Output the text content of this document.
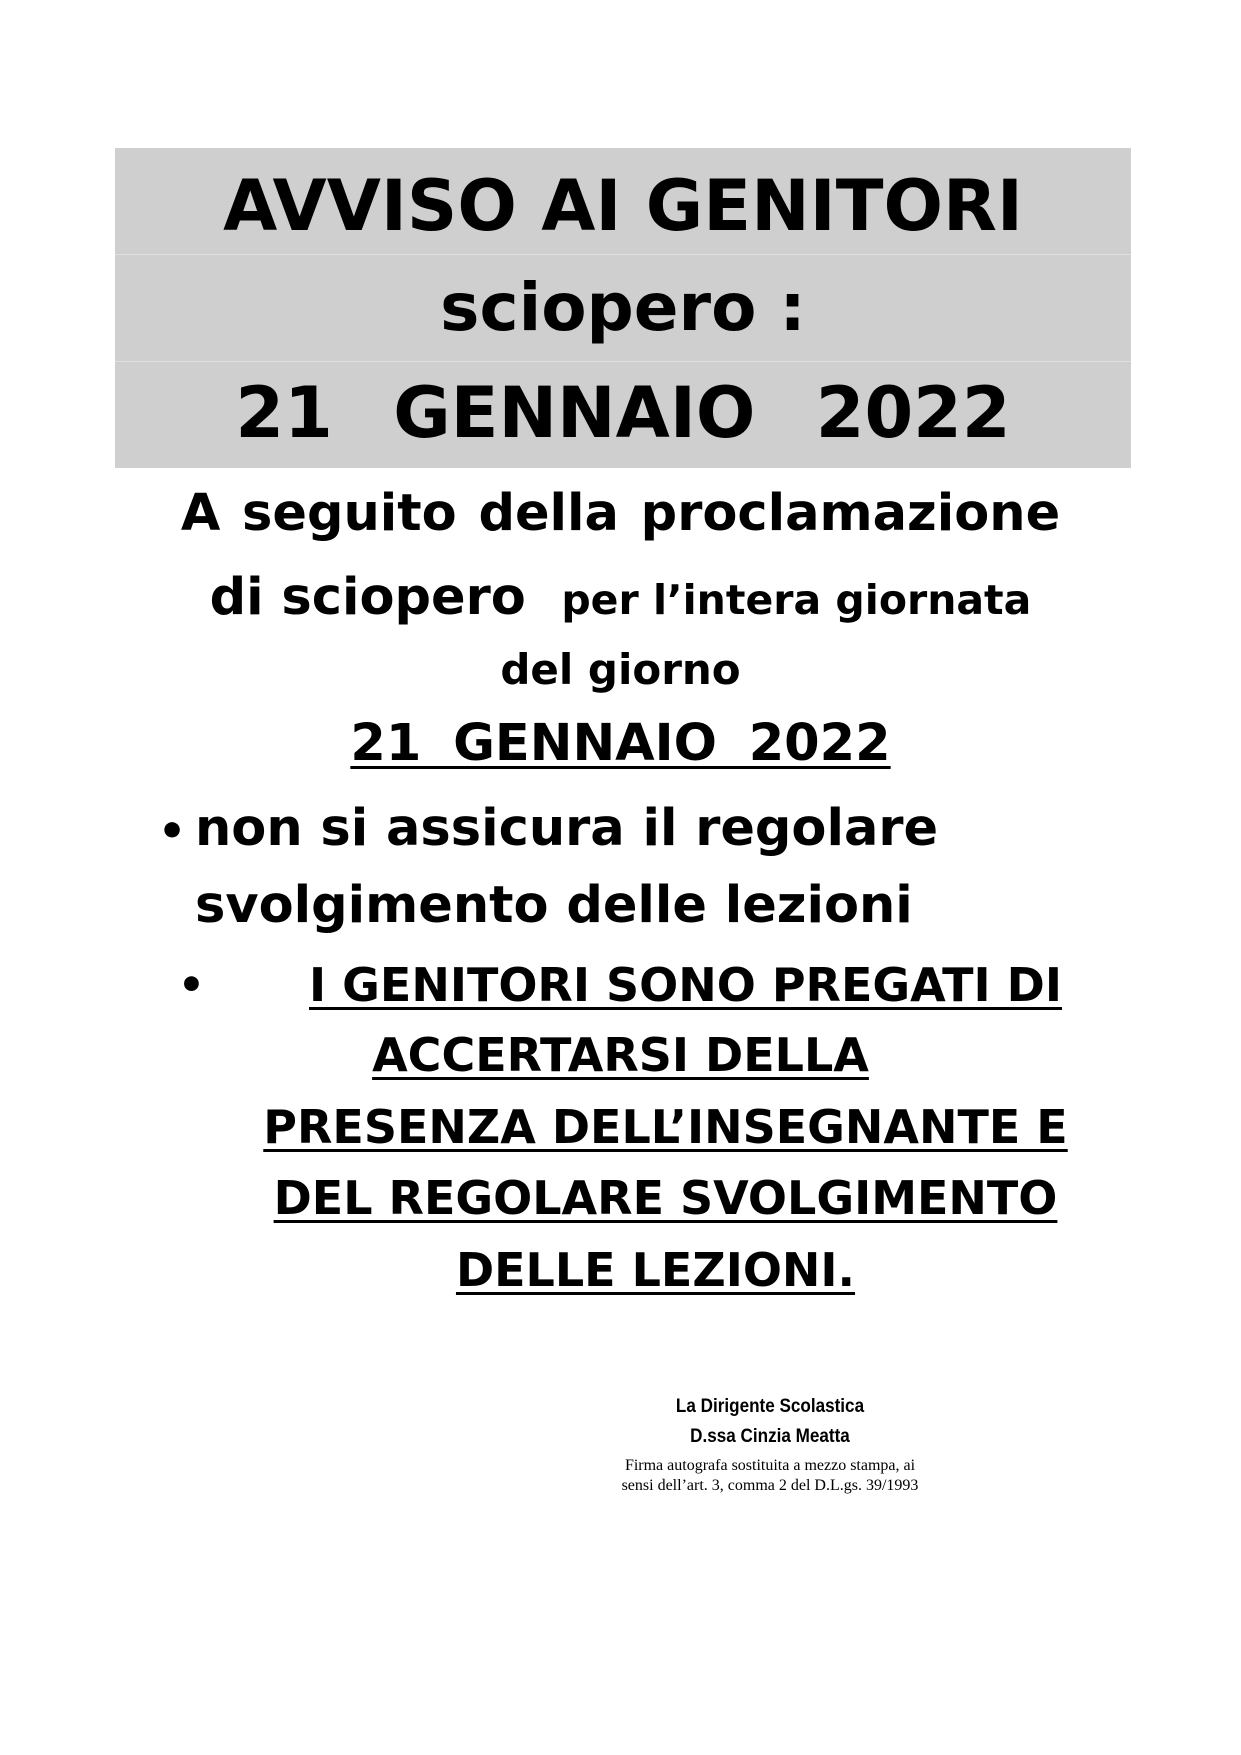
AVVISO AI GENITORI
sciopero :
21 GENNAIO 2022
A seguito della proclamazione
di sciopero per l’intera giornata
del giorno
21 GENNAIO 2022
• non si assicura il regolare
svolgimento delle lezioni
•	I GENITORI SONO PREGATI DI
ACCERTARSI DELLA
PRESENZA DELL’INSEGNANTE E
DEL REGOLARE SVOLGIMENTO
DELLE LEZIONI.
La Dirigente Scolastica
D.ssa Cinzia Meatta
Firma autografa sostituita a mezzo stampa, ai
sensi dell’art. 3, comma 2 del D.L.gs. 39/1993
